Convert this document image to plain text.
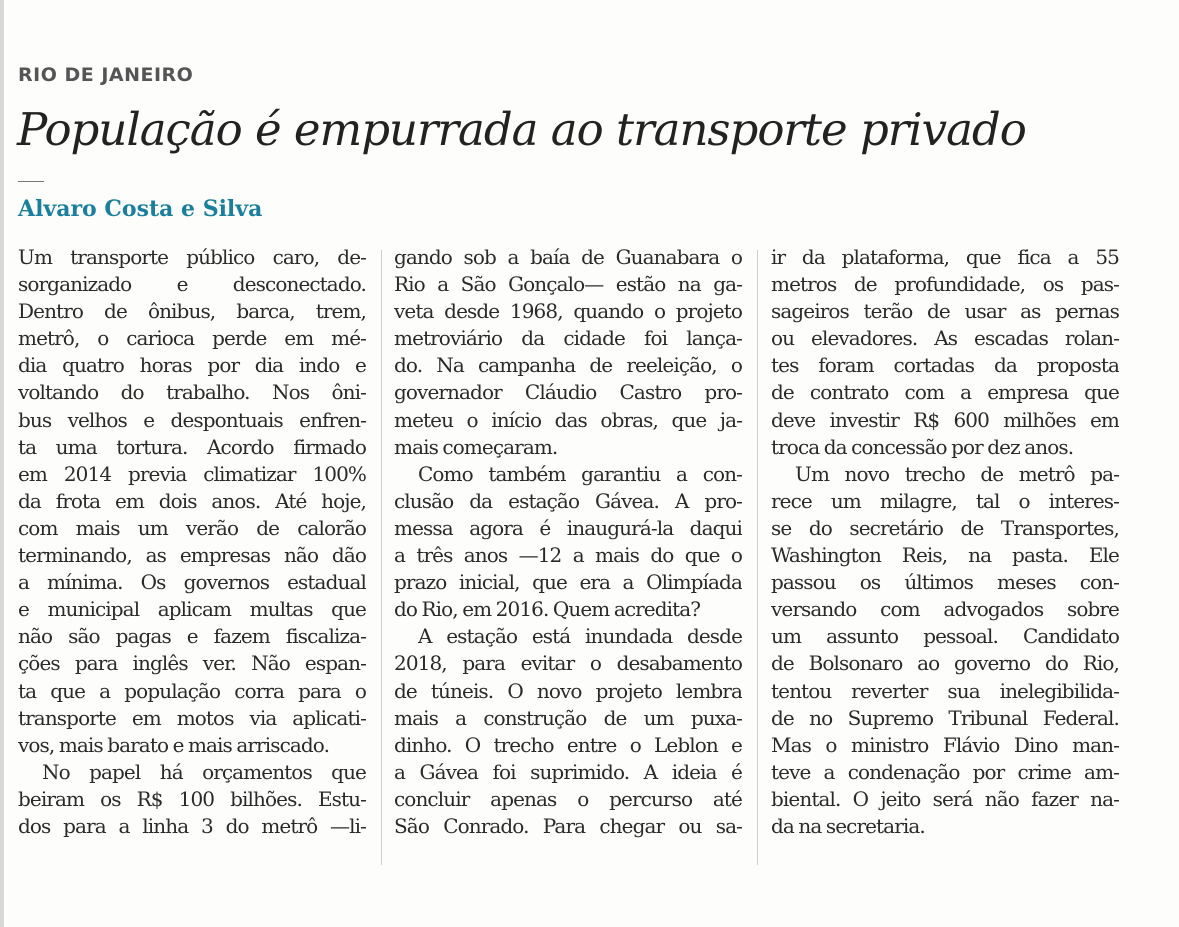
RIO DE JANEIRO
População é empurrada ao transporte privado
Alvaro Costa e Silva
Um transporte público caro, de-
sorganizado e desconectado.
Dentro de ônibus, barca, trem,
metrô, o carioca perde em mé-
dia quatro horas por dia indo e
voltando do trabalho. Nos ôni-
bus velhos e despontuais enfren-
ta uma tortura. Acordo firmado
em 2014 previa climatizar 100%
da frota em dois anos. Até hoje,
com mais um verão de calorão
terminando, as empresas não dão
a mínima. Os governos estadual
e municipal aplicam multas que
não são pagas e fazem fiscaliza-
ções para inglês ver. Não espan-
ta que a população corra para o
transporte em motos via aplicati-
vos, mais barato e mais arriscado.
No papel há orçamentos que
beiram os R$ 100 bilhões. Estu-
dos para a linha 3 do metrô —li-
gando sob a baía de Guanabara o
Rio a São Gonçalo— estão na ga-
veta desde 1968, quando o projeto
metroviário da cidade foi lança-
do. Na campanha de reeleição, o
governador Cláudio Castro pro-
meteu o início das obras, que ja-
mais começaram.
Como também garantiu a con-
clusão da estação Gávea. A pro-
messa agora é inaugurá-la daqui
a três anos —12 a mais do que o
prazo inicial, que era a Olimpíada
do Rio, em 2016. Quem acredita?
A estação está inundada desde
2018, para evitar o desabamento
de túneis. O novo projeto lembra
mais a construção de um puxa-
dinho. O trecho entre o Leblon e
a Gávea foi suprimido. A ideia é
concluir apenas o percurso até
São Conrado. Para chegar ou sa-
ir da plataforma, que fica a 55
metros de profundidade, os pas-
sageiros terão de usar as pernas
ou elevadores. As escadas rolan-
tes foram cortadas da proposta
de contrato com a empresa que
deve investir R$ 600 milhões em
troca da concessão por dez anos.
Um novo trecho de metrô pa-
rece um milagre, tal o interes-
se do secretário de Transportes,
Washington Reis, na pasta. Ele
passou os últimos meses con-
versando com advogados sobre
um assunto pessoal. Candidato
de Bolsonaro ao governo do Rio,
tentou reverter sua inelegibilida-
de no Supremo Tribunal Federal.
Mas o ministro Flávio Dino man-
teve a condenação por crime am-
biental. O jeito será não fazer na-
da na secretaria.
